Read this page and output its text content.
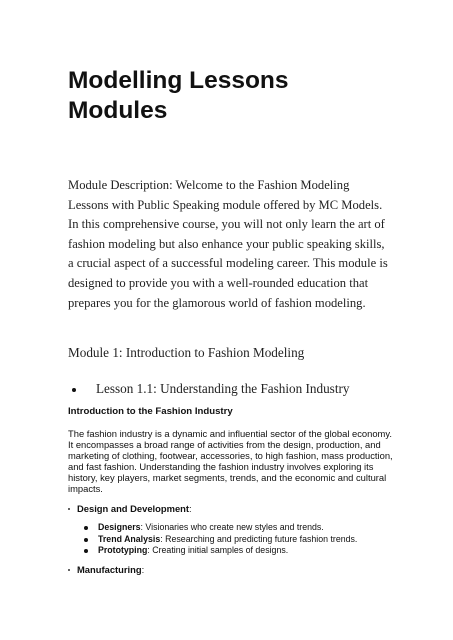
Modelling Lessons
Modules
Module Description: Welcome to the Fashion Modeling
Lessons with Public Speaking module offered by MC Models.
In this comprehensive course, you will not only learn the art of
fashion modeling but also enhance your public speaking skills,
a crucial aspect of a successful modeling career. This module is
designed to provide you with a well-rounded education that
prepares you for the glamorous world of fashion modeling.
Module 1: Introduction to Fashion Modeling
Lesson 1.1: Understanding the Fashion Industry
Introduction to the Fashion Industry
The fashion industry is a dynamic and influential sector of the global economy.
It encompasses a broad range of activities from the design, production, and
marketing of clothing, footwear, accessories, to high fashion, mass production,
and fast fashion. Understanding the fashion industry involves exploring its
history, key players, market segments, trends, and the economic and cultural
impacts.
Design and Development:
Designers: Visionaries who create new styles and trends.
Trend Analysis: Researching and predicting future fashion trends.
Prototyping: Creating initial samples of designs.
Manufacturing:
